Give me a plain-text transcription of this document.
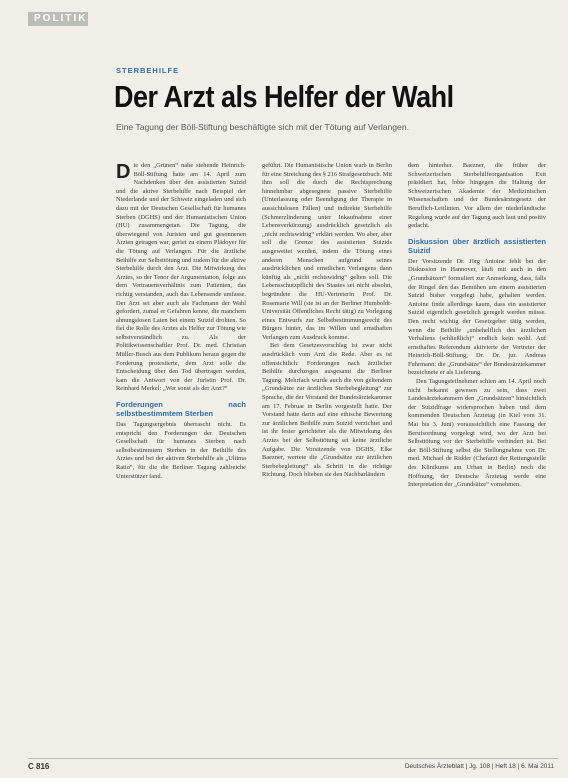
POLITIK
STERBEHILFE
Der Arzt als Helfer der Wahl
Eine Tagung der Böll-Stiftung beschäftigte sich mit der Tötung auf Verlangen.

Die den „Grünen“ nahe stehende Heinrich-Böll-Stiftung hatte am 14. April zum Nachdenken über den assistierten Suizid und die aktive Sterbehilfe nach Beispiel der Niederlande und der Schweiz eingeladen und sich dazu mit der Deutschen Gesellschaft für humanes Sterben (DGHS) und der Humanistischen Union (HU) zusammengetan. Die Tagung, die überwiegend von Juristen und gut gesonnenen Ärzten getragen war, geriet zu einem Plädoyer für die Tötung auf Verlangen. Für die ärztliche Beihilfe zur Selbsttötung und zudem für die aktive Sterbehilfe durch den Arzt. Die Mitwirkung des Arztes, so der Tenor der Argumentation, folge aus dem Vertrauensverhältnis zum Patienten, das richtig verstanden, auch das Lebensende umfasse. Der Arzt sei aber auch als Fachmann der Wahl gefordert, zumal er Gefahren kenne, die manchem ahnungslosen Laien bei einem Suizid drohten. So fiel die Rolle des Arztes als Helfer zur Tötung wie selbstverständlich zu. Als der Politikwissenschaftler Prof. Dr. med. Christian Müller-Busch aus dem Publikum heraus gegen die Forderung protestierte, dem Arzt solle die Entscheidung über den Tod übertragen werden, kam die Antwort von der Juristin Prof. Dr. Reinhard Merkel: „Wer sonst als der Arzt?“

Forderungen nach selbstbestimmtem Sterben

Das Tagungsergebnis überrascht nicht. Es entspricht den Forderungen der Deutschen Gesellschaft für humanes Sterben nach selbstbestimmtem Sterben in der Beihilfe des Arztes und bei der aktiven Sterbehilfe als „Ultima Ratio“, für die die Berliner Tagung zahlreiche Unterstützer fand.

geführt. Die Humanistische Union warb in Berlin für eine Streichung des § 216 Strafgesetzbuch. Mit ihm soll die durch die Rechtsprechung hinnehmbar abgesegnete passive Sterbehilfe (Unterlassung oder Beendigung der Therapie in aussichtslosen Fällen) und indirekte Sterbehilfe (Schmerzlinderung unter Inkaufnahme einer Lebensverkürzung) ausdrücklich gesetzlich als „nicht rechtswidrig“ erklärt werden. Wo aber, aber soll die Grenze des assistierten Suizids ausgeweitet werden, indem die Tötung eines anderen Menschen aufgrund seines ausdrücklichen und ernstlichen Verlangens dann künftig als „nicht rechtswidrig“ gelten soll. Die Lebensschutzpflicht des Staates sei nicht absolut, begründete die HU-Vertreterin Prof. Dr. Rosemarie Will (sie ist an der Berliner Humboldt-Universität Öffentliches Recht tätig) zu Vorlegung eines Entwurfs zur Selbstbestimmungsrecht des Bürgers hinter, das im Willen und ernsthaften Verlangen zum Ausdruck komme.

Bei dem Gesetzesvorschlag ist zwar nicht ausdrücklich vom Arzt die Rede. Aber es ist offensichtlich: Forderungen nach ärztlicher Beihilfe durchzogen ausgesamt die Berliner Tagung. Mehrfach wurde auch die von geltendem „Grundsätze zur ärztlichen Sterbebegleitung“ zur Sprache, die der Vorstand der Bundesärztekammer am 17. Februar in Berlin vorgestellt hatte. Der Vorstand hatte darin auf eine ethische Bewertung zur ärztlichen Beihilfe zum Suizid verzichtet und ist ihr fester gerichteter als die Mitwirkung des Arztes bei der Selbsttötung sei keine ärztliche Aufgabe. Die Vorsitzende von DGHS, Elke Baezner, wertete die „Grundsätze zur ärztlichen Sterbebegleitung“ als Schritt in die richtige Richtung. Doch blieben sie den Nachbarländern

dem hinterher. Baezner, die früher der Schweizerischen Sterbehilfeorganisation Exit präsidiert hat, lobte hingegen die Haltung der Schweizerischen Akademie der Medizinischen Wissenschaften und der Bundesärztegesetz der Beruflich-Leitlinien. Vor allem der niederländische Regelung wurde auf der Tagung auch laut und positiv gedacht.

Diskussion über ärztlich assistierten Suizid

Der Vorsitzende Dr. Jörg Antoine fehlt bei der Diskussion in Hannover, läuft mit auch in den „Grundsätzen“ formuliert zur Anmerkung, dass, falls der Ringel den das Bemühen um einem assistierten Suizid bisher vorgelegt habe, gehalten werden. Antoine finde allerdings kaum, dass ein assistierter Suizid eigentlich gesetzlich geregelt werden müsse. Den recht wichtig der Gesetzgeber tätig werden, wenn die Beihilfe „unbehelflich des ärztlichen Verhaltens (schließlich)“ endlich kein wohl. Auf ernsthaftes Referendum aktivierte der Vertreter der Heinrich-Böll-Stiftung, Dr. Dr. jur. Andreas Fuhrmann: die „Grundsätze“ der Bundesärztekammer bezeichnete er als Lieferung.

Den Tagungsteilnehmer schien am 14. April noch nicht bekannt gewesen zu sein, dass zwei Landesärztekammern den „Grundsätzen“ hinsichtlich der Suizidfrage widersprochen haben und dem kommenden Deutschen Ärztetag (in Kiel vom 31. Mai bis 3. Juni) voraussichtlich eine Fassung der Berufsordnung vorgelegt wird, wo der Arzt bei Selbsttötung vor der Sterbehilfe verhindert ist. Bei der Böll-Stiftung selbst die Stellungnahme von Dr. med. Michael de Ridder (Chefarzt der Rettungsstelle des Klinikums am Urban in Berlin) noch die Hoffnung, der Deutsche Ärztetag werde eine Interpretation der „Grundsätze“ vornehmen.

C 816	Deutsches Ärzteblatt | Jg. 108 | Heft 18 | 6. Mai 2011
